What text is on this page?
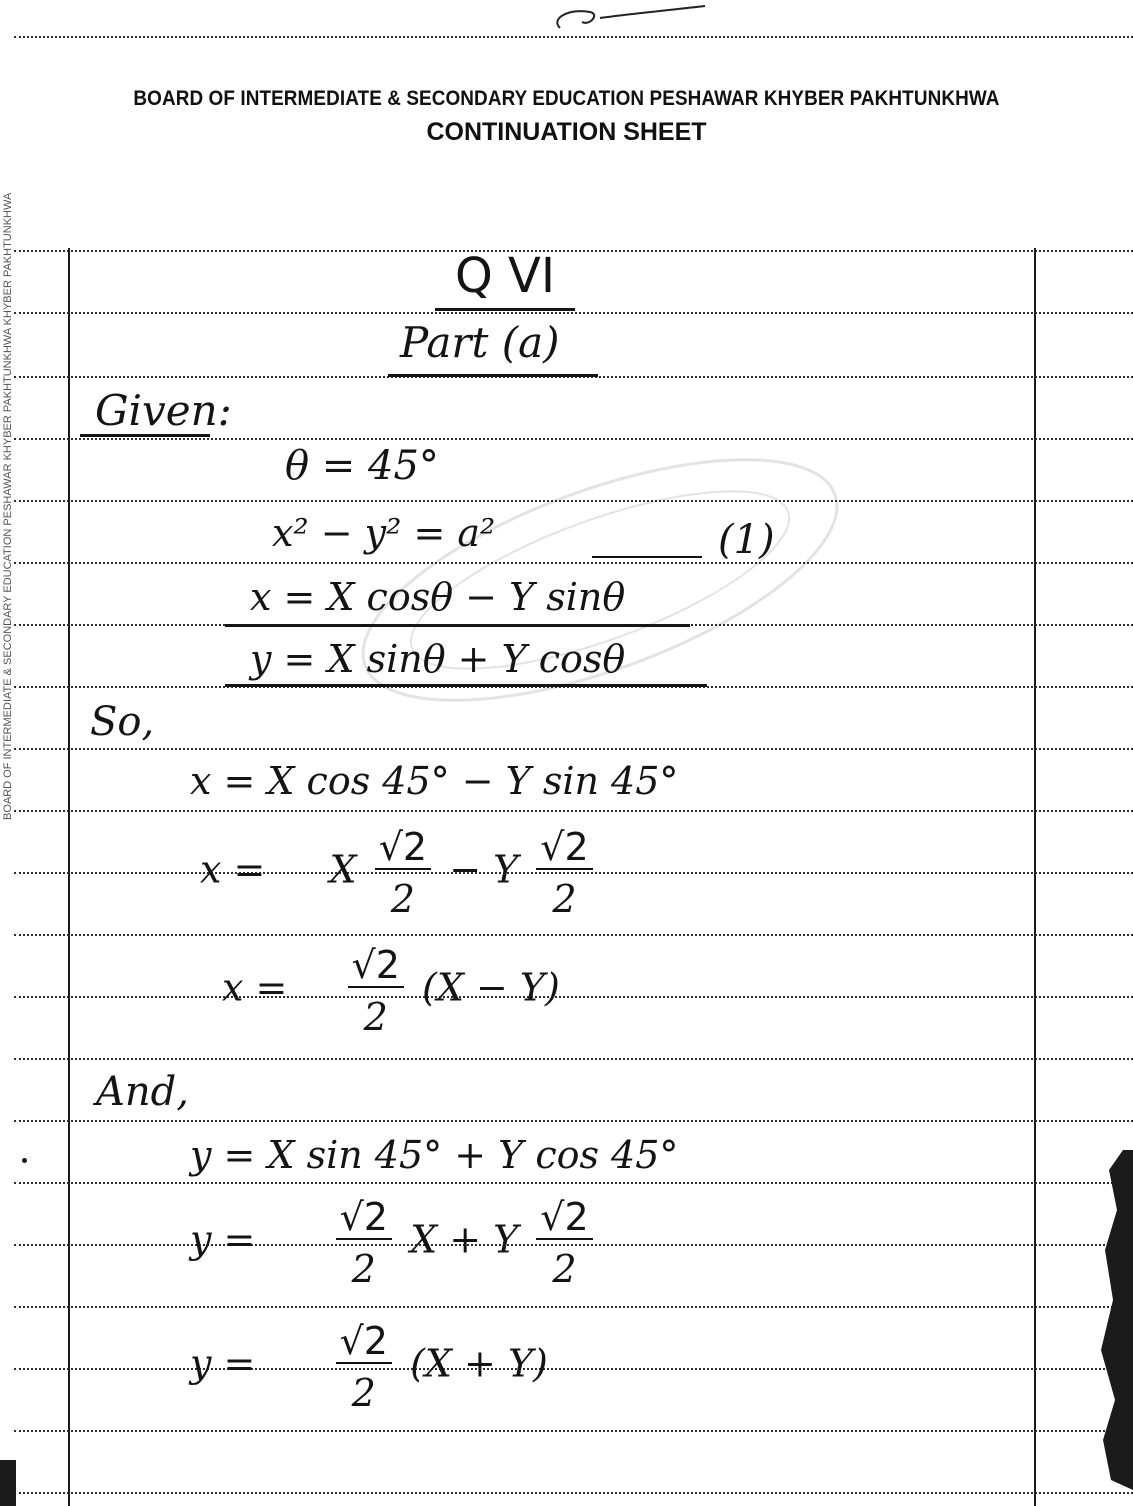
BOARD OF INTERMEDIATE & SECONDARY EDUCATION PESHAWAR KHYBER PAKHTUNKHWA
CONTINUATION SHEET
BOARD OF INTERMEDIATE & SECONDARY EDUCATION PESHAWAR KHYBER PAKHTUNKHWA KHYBER PAKHTUNKHWA	Q VI
Part (a)
Given:
θ = 45°
x² − y² = a²	(1)
x = X cosθ − Y sinθ
y = X sinθ + Y cosθ
So,
x = X cos 45° − Y sin 45°
x = X $\frac{√2}{2} - Y \frac{√2}{2}$
$x = \frac{√2}{2} (X - Y)$
And,
y = X sin 45° + Y cos 45°
$y = \frac{√2}{2}$ X + Y $\frac{√2}{2}$
$y = \frac{√2}{2} (X + Y)$
